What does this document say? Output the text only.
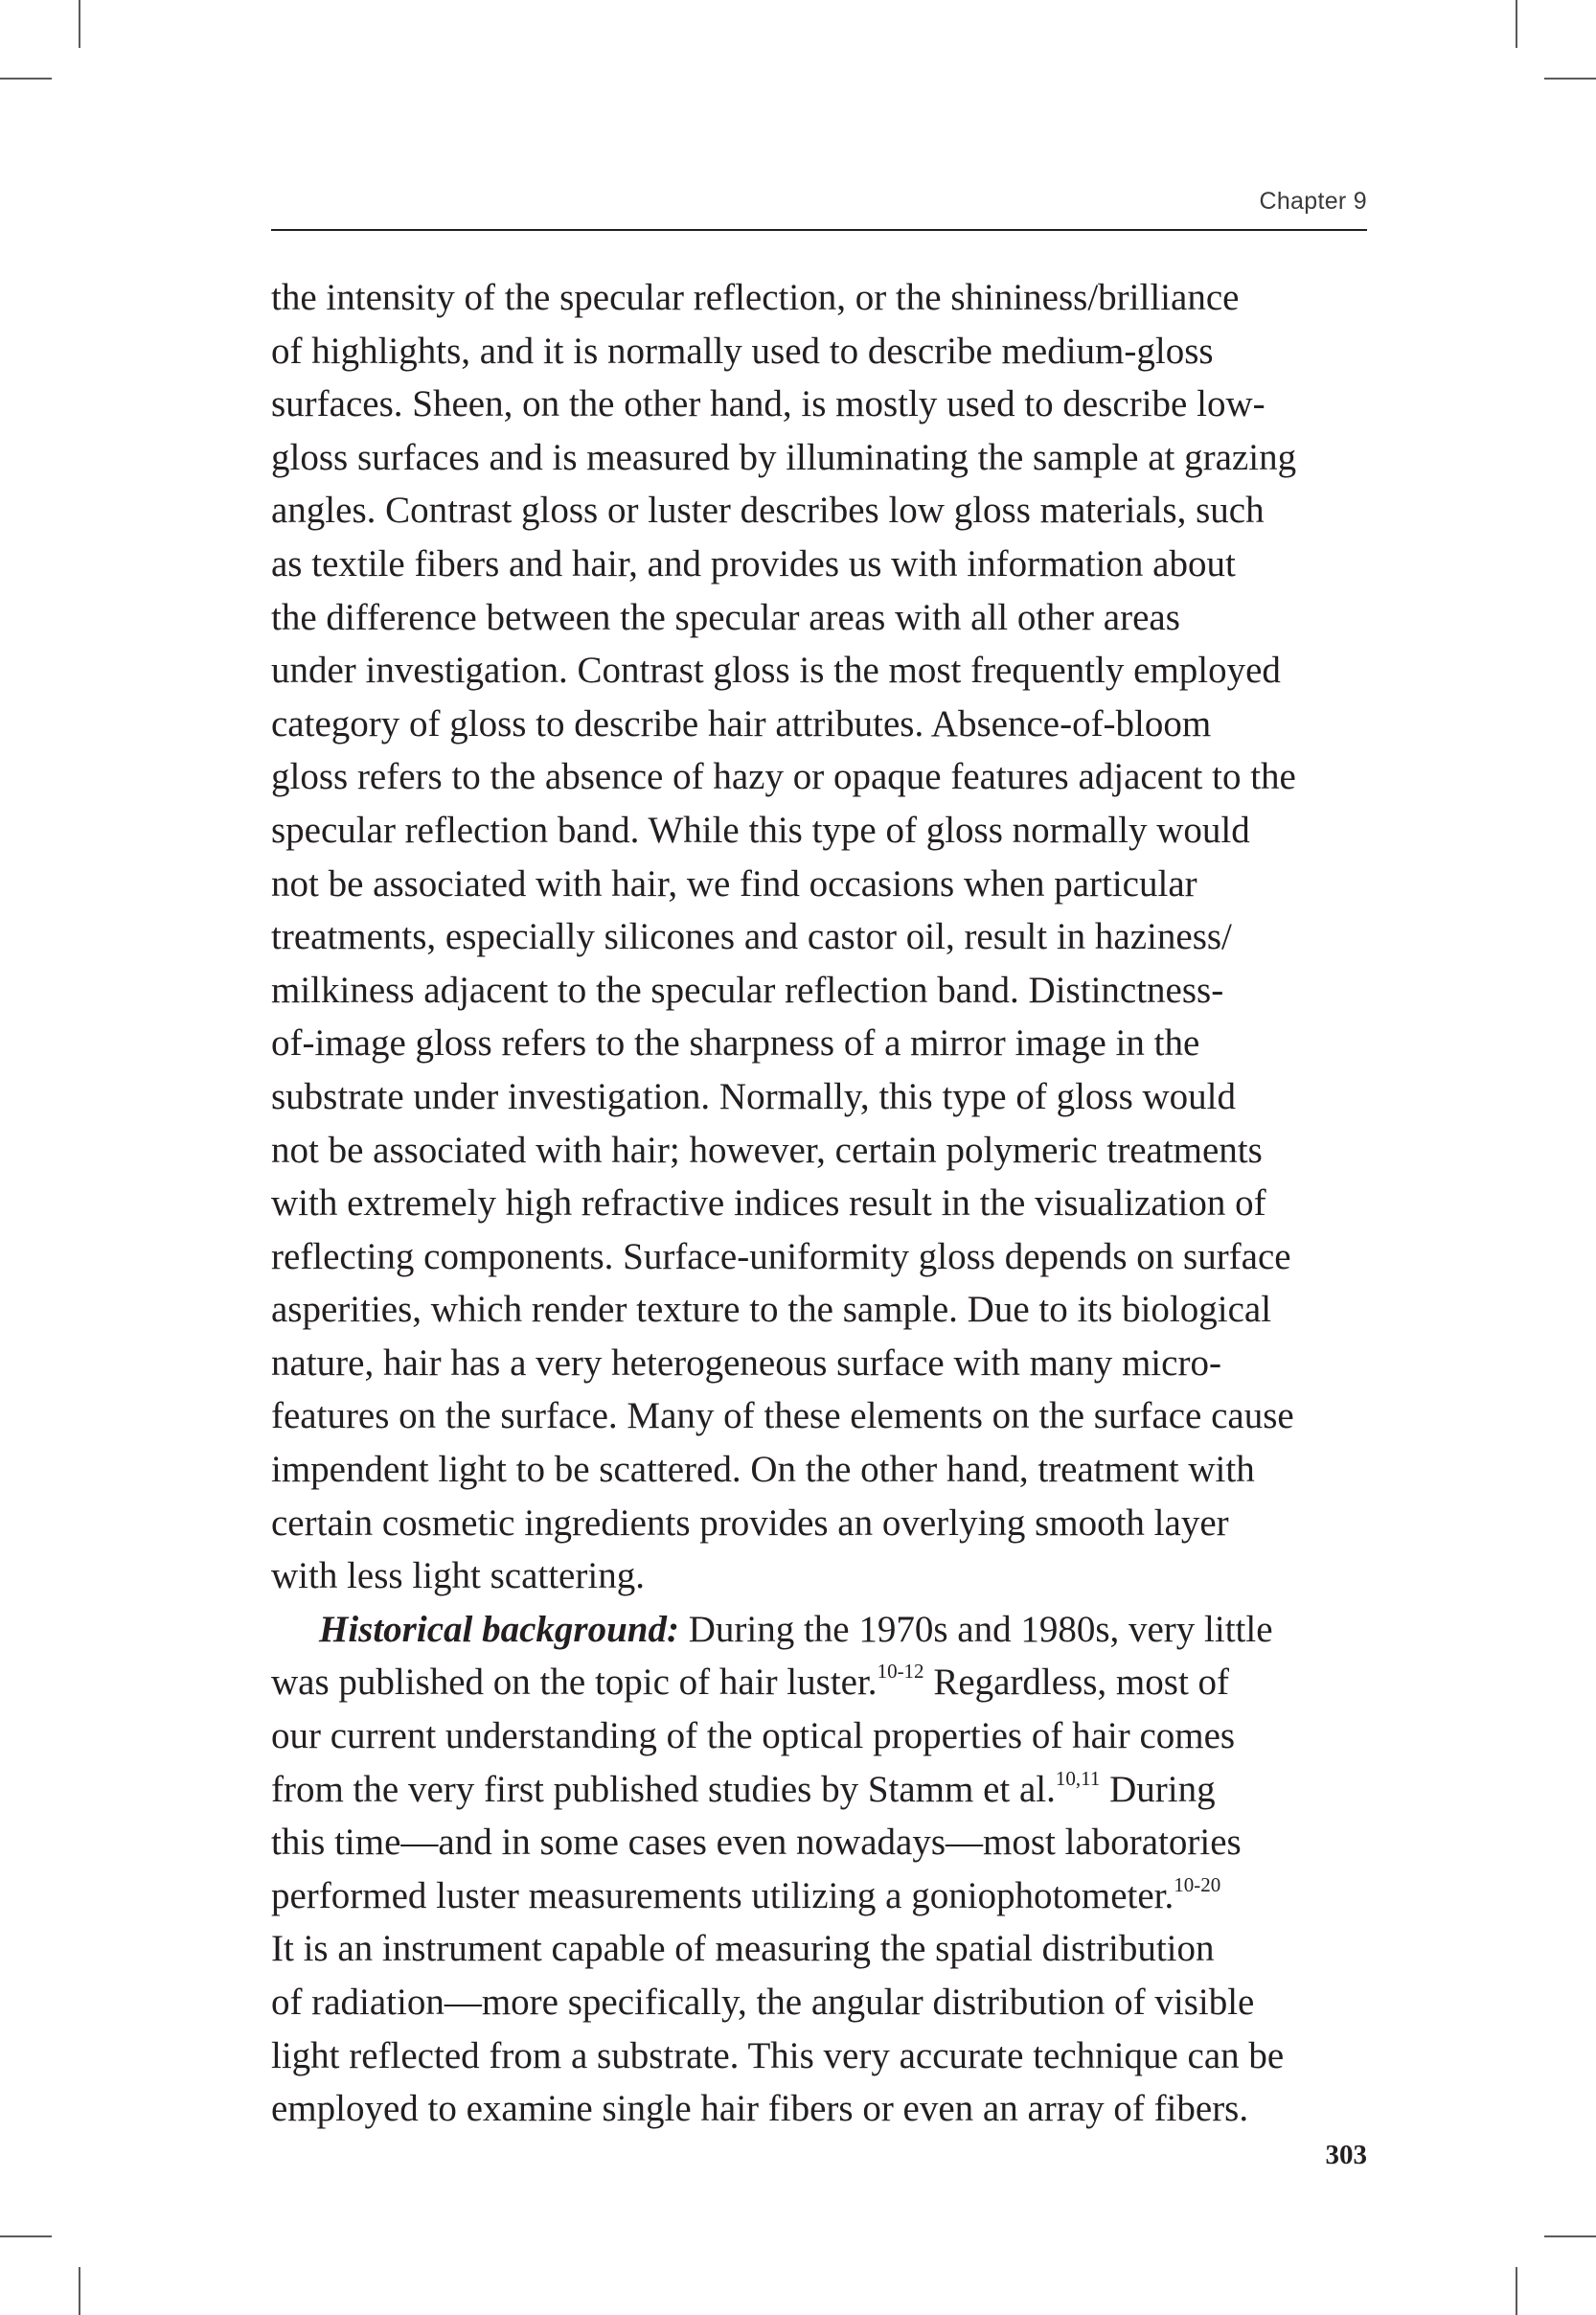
Chapter 9
the intensity of the specular reflection, or the shininess/brilliance
of highlights, and it is normally used to describe medium-gloss
surfaces. Sheen, on the other hand, is mostly used to describe low-
gloss surfaces and is measured by illuminating the sample at grazing
angles. Contrast gloss or luster describes low gloss materials, such
as textile fibers and hair, and provides us with information about
the difference between the specular areas with all other areas
under investigation. Contrast gloss is the most frequently employed
category of gloss to describe hair attributes. Absence-of-bloom
gloss refers to the absence of hazy or opaque features adjacent to the
specular reflection band. While this type of gloss normally would
not be associated with hair, we find occasions when particular
treatments, especially silicones and castor oil, result in haziness/
milkiness adjacent to the specular reflection band. Distinctness-
of-image gloss refers to the sharpness of a mirror image in the
substrate under investigation. Normally, this type of gloss would
not be associated with hair; however, certain polymeric treatments
with extremely high refractive indices result in the visualization of
reflecting components. Surface-uniformity gloss depends on surface
asperities, which render texture to the sample. Due to its biological
nature, hair has a very heterogeneous surface with many micro-
features on the surface. Many of these elements on the surface cause
impendent light to be scattered. On the other hand, treatment with
certain cosmetic ingredients provides an overlying smooth layer
with less light scattering.
Historical background: During the 1970s and 1980s, very little
was published on the topic of hair luster.$^{10-12}$ Regardless, most of
our current understanding of the optical properties of hair comes
from the very first published studies by Stamm et al.$^{10,11}$ During
this time—and in some cases even nowadays—most laboratories
performed luster measurements utilizing a goniophotometer.$^{10-20}$
It is an instrument capable of measuring the spatial distribution
of radiation—more specifically, the angular distribution of visible
light reflected from a substrate. This very accurate technique can be
employed to examine single hair fibers or even an array of fibers.
303
